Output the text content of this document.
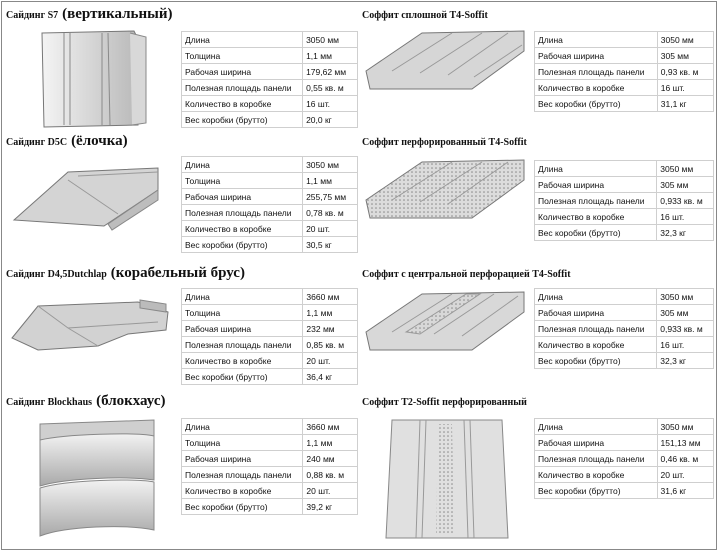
Сайдинг S7 (вертикальный)
Длина	3050 мм
Толщина	1,1 мм
Рабочая ширина	179,62 мм
Полезная площадь панели	0,55 кв. м
Количество в коробке	16 шт.
Вес коробки (брутто)	20,0 кг
Сайдинг D5C (ёлочка)
Длина	3050 мм
Толщина	1,1 мм
Рабочая ширина	255,75 мм
Полезная площадь панели	0,78 кв. м
Количество в коробке	20 шт.
Вес коробки (брутто)	30,5 кг
Сайдинг D4,5Dutchlap (корабельный брус)
Длина	3660 мм
Толщина	1,1 мм
Рабочая ширина	232 мм
Полезная площадь панели	0,85 кв. м
Количество в коробке	20 шт.
Вес коробки (брутто)	36,4 кг
Сайдинг Blockhaus (блокхаус)
Длина	3660 мм
Толщина	1,1 мм
Рабочая ширина	240 мм
Полезная площадь панели	0,88 кв. м
Количество в коробке	20 шт.
Вес коробки (брутто)	39,2 кг
Соффит сплошной T4-Soffit
Длина	3050 мм
Рабочая ширина	305 мм
Полезная площадь панели	0,93 кв. м
Количество в коробке	16 шт.
Вес коробки (брутто)	31,1 кг
Соффит перфорированный T4-Soffit
Длина	3050 мм
Рабочая ширина	305 мм
Полезная площадь панели	0,933 кв. м
Количество в коробке	16 шт.
Вес коробки (брутто)	32,3 кг
Соффит с центральной перфорацией T4-Soffit
Длина	3050 мм
Рабочая ширина	305 мм
Полезная площадь панели	0,933 кв. м
Количество в коробке	16 шт.
Вес коробки (брутто)	32,3 кг
Соффит T2-Soffit перфорированный
Длина	3050 мм
Рабочая ширина	151,13 мм
Полезная площадь панели	0,46 кв. м
Количество в коробке	20 шт.
Вес коробки (брутто)	31,6 кг
